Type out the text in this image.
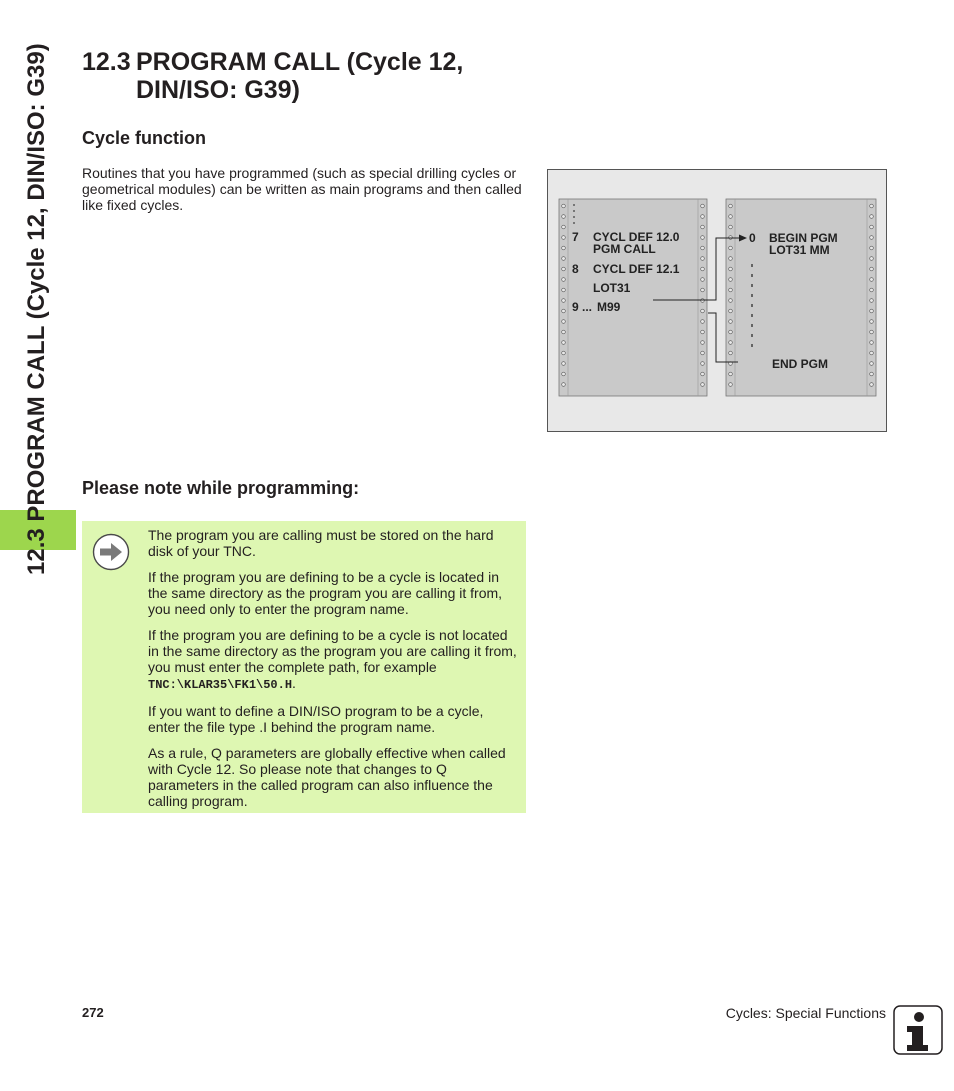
12.3 PROGRAM CALL (Cycle 12, DIN/ISO: G39) 12.3 PROGRAM CALL (Cycle 12, DIN/ISO: G39)
Cycle function
Routines that you have programmed (such as special drilling cycles or geometrical modules) can be written as main programs and then called like fixed cycles.
7 CYCL DEF 12.0
PGM CALL
8 CYCL DEF 12.1
LOT31
9 ... M99
0 BEGIN PGM
LOT31 MM
END PGM
Please note while programming:

The program you are calling must be stored on the hard disk of your TNC.

If the program you are defining to be a cycle is located in the same directory as the program you are calling it from, you need only to enter the program name.

If the program you are defining to be a cycle is not located in the same directory as the program you are calling it from, you must enter the complete path, for example TNC:\KLAR35\FK1\50.H.

If you want to define a DIN/ISO program to be a cycle, enter the file type .I behind the program name.

As a rule, Q parameters are globally effective when called with Cycle 12. So please note that changes to Q parameters in the called program can also influence the calling program.

272	Cycles: Special Functions
